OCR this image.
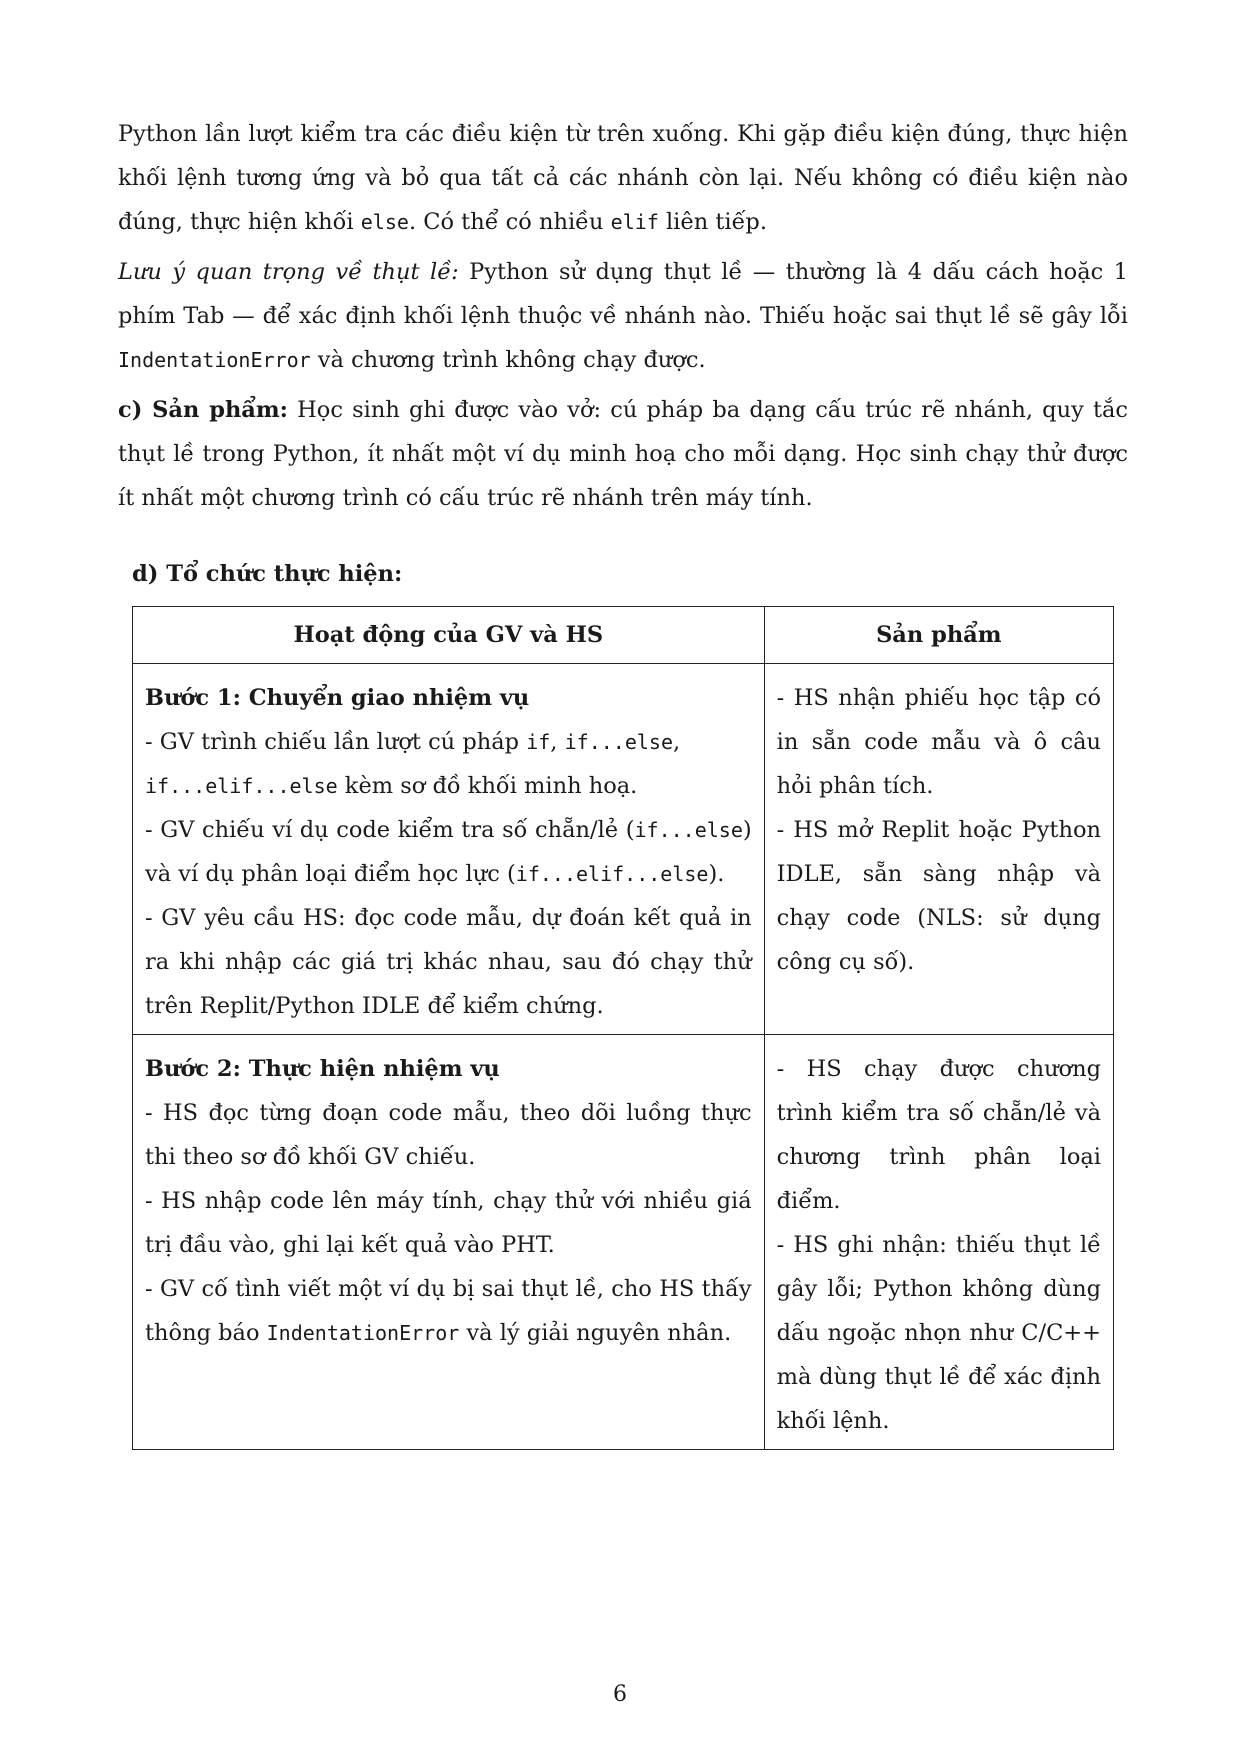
Python lần lượt kiểm tra các điều kiện từ trên xuống. Khi gặp điều kiện đúng, thực hiện khối lệnh tương ứng và bỏ qua tất cả các nhánh còn lại. Nếu không có điều kiện nào đúng, thực hiện khối else. Có thể có nhiều elif liên tiếp.

Lưu ý quan trọng về thụt lề: Python sử dụng thụt lề — thường là 4 dấu cách hoặc 1 phím Tab — để xác định khối lệnh thuộc về nhánh nào. Thiếu hoặc sai thụt lề sẽ gây lỗi IndentationError và chương trình không chạy được.

c) Sản phẩm: Học sinh ghi được vào vở: cú pháp ba dạng cấu trúc rẽ nhánh, quy tắc thụt lề trong Python, ít nhất một ví dụ minh hoạ cho mỗi dạng. Học sinh chạy thử được ít nhất một chương trình có cấu trúc rẽ nhánh trên máy tính.

d) Tổ chức thực hiện:
Hoạt động của GV và HS	Sản phẩm

Bước 1: Chuyển giao nhiệm vụ
- GV trình chiếu lần lượt cú pháp if, if...else,
if...elif...else kèm sơ đồ khối minh hoạ.
- GV chiếu ví dụ code kiểm tra số chẵn/lẻ (if...else) và ví dụ phân loại điểm học lực (if...elif...else).
- GV yêu cầu HS: đọc code mẫu, dự đoán kết quả in ra khi nhập các giá trị khác nhau, sau đó chạy thử trên Replit/Python IDLE để kiểm chứng.	- HS nhận phiếu học tập có in sẵn code mẫu và ô câu hỏi phân tích.
- HS mở Replit hoặc Python IDLE, sẵn sàng nhập và chạy code (NLS: sử dụng công cụ số).

Bước 2: Thực hiện nhiệm vụ
- HS đọc từng đoạn code mẫu, theo dõi luồng thực thi theo sơ đồ khối GV chiếu.
- HS nhập code lên máy tính, chạy thử với nhiều giá trị đầu vào, ghi lại kết quả vào PHT.
- GV cố tình viết một ví dụ bị sai thụt lề, cho HS thấy thông báo IndentationError và lý giải nguyên nhân.	- HS chạy được chương trình kiểm tra số chẵn/lẻ và chương trình phân loại điểm.
- HS ghi nhận: thiếu thụt lề gây lỗi; Python không dùng dấu ngoặc nhọn như C/C++ mà dùng thụt lề để xác định khối lệnh.
6
